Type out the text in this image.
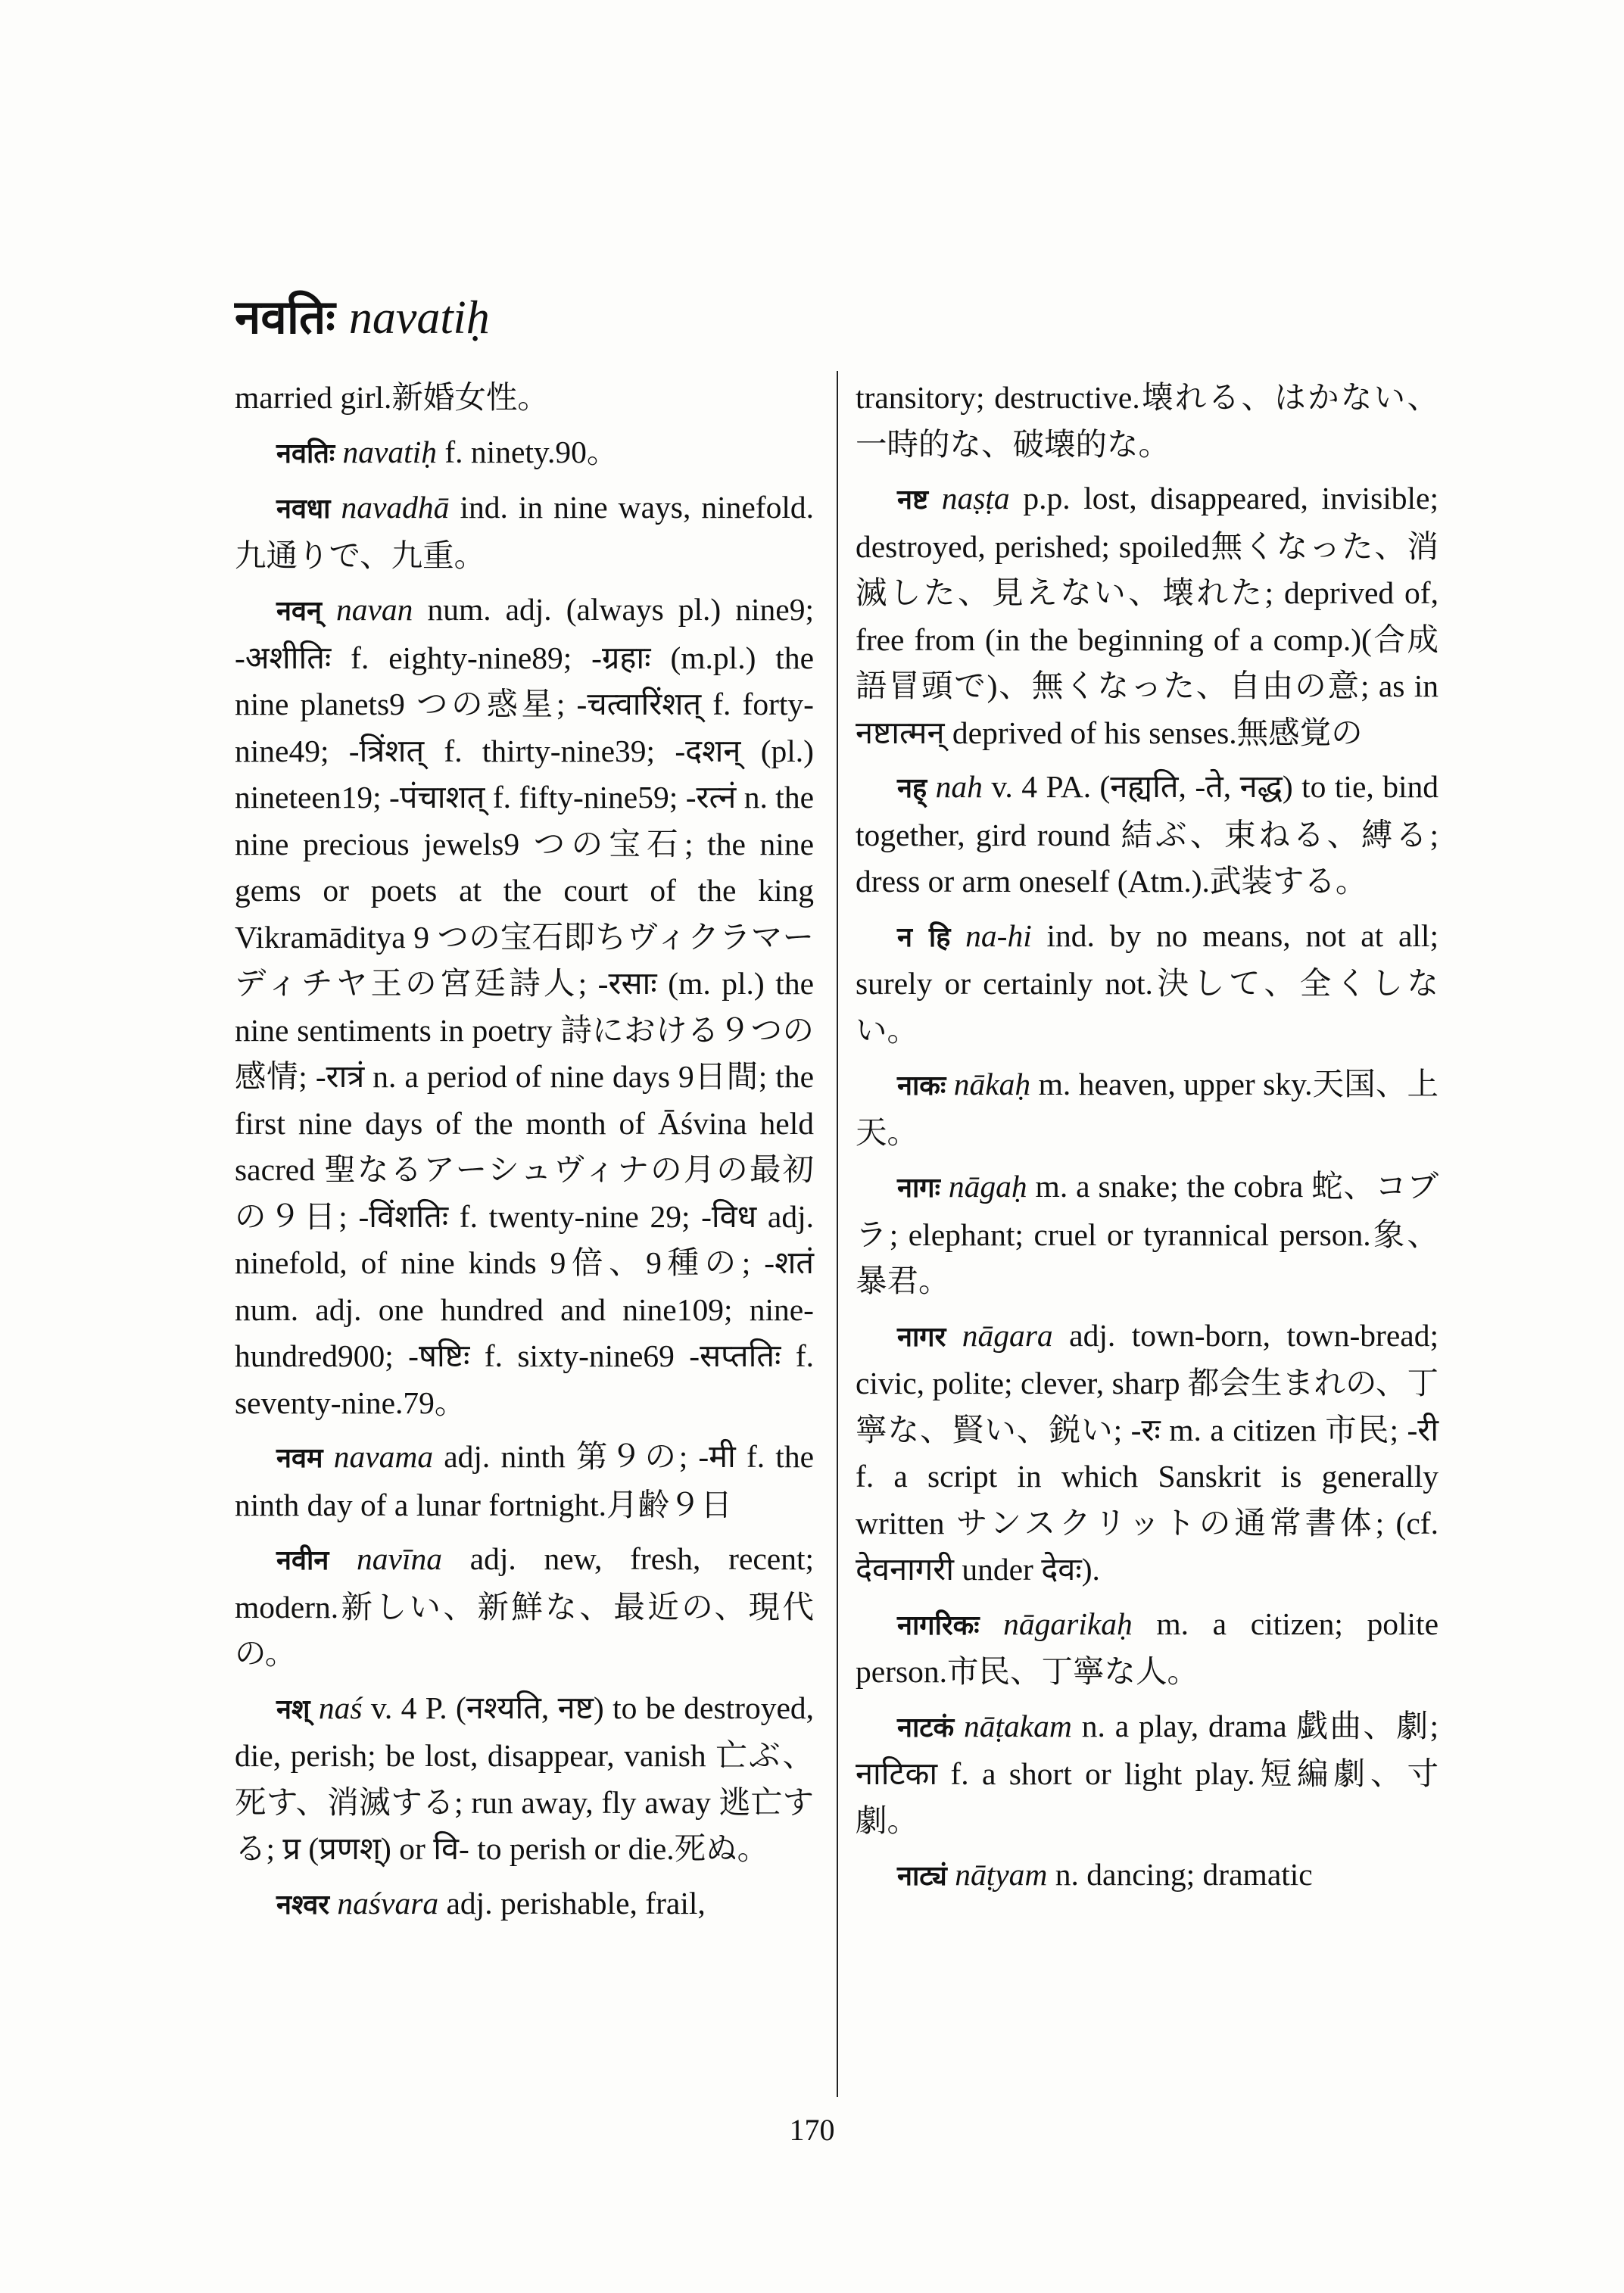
नवतिः navatiḥ

married girl.新婚女性。

नवतिः navatiḥ f. ninety.90。

नवधा navadhā ind. in nine ways, ninefold.九通りで、九重。

नवन् navan num. adj. (always pl.) nine9; -अशीतिः f. eighty-nine89; -ग्रहाः (m.pl.) the nine planets9 つの惑星; -चत्वारिंशत् f. forty-nine49; -त्रिंशत् f. thirty-nine39; -दशन् (pl.) nineteen19; -पंचाशत् f. fifty-nine59; -रत्नं n. the nine precious jewels9 つの宝石; the nine gems or poets at the court of the king Vikramāditya 9 つの宝石即ちヴィクラマーディチヤ王の宮廷詩人; -रसाः (m. pl.) the nine sentiments in poetry 詩における９つの感情; -रात्रं n. a period of nine days 9日間; the first nine days of the month of Āśvina held sacred 聖なるアーシュヴィナの月の最初の９日; -विंशतिः f. twenty-nine 29; -विध adj. ninefold, of nine kinds 9倍、9種の; -शतं num. adj. one hundred and nine109; nine-hundred900; -षष्टिः f. sixty-nine69 -सप्ततिः f. seventy-nine.79。

नवम navama adj. ninth 第９の; -मी f. the ninth day of a lunar fortnight.月齢９日

नवीन navīna adj. new, fresh, recent; modern.新しい、新鮮な、最近の、現代の。

नश् naś v. 4 P. (नश्यति, नष्ट) to be destroyed, die, perish; be lost, disappear, vanish 亡ぶ、死す、消滅する; run away, fly away 逃亡する; प्र (प्रणश्) or वि- to perish or die.死ぬ。

नश्वर naśvara adj. perishable, frail,

transitory; destructive.壊れる、はかない、一時的な、破壊的な。

नष्ट naṣṭa p.p. lost, disappeared, invisible; destroyed, perished; spoiled無くなった、消滅した、見えない、壊れた; deprived of, free from (in the beginning of a comp.)(合成語冒頭で)、無くなった、自由の意; as in नष्टात्मन् deprived of his senses.無感覚の

नह् nah v. 4 PA. (नह्यति, -ते, नद्ध) to tie, bind together, gird round 結ぶ、束ねる、縛る; dress or arm oneself (Atm.).武装する。

न हि na-hi ind. by no means, not at all; surely or certainly not.決して、全くしない。

नाकः nākaḥ m. heaven, upper sky.天国、上天。

नागः nāgaḥ m. a snake; the cobra 蛇、コブラ; elephant; cruel or tyrannical person.象、暴君。

नागर nāgara adj. town-born, town-bread; civic, polite; clever, sharp 都会生まれの、丁寧な、賢い、鋭い; -रः m. a citizen 市民; -री f. a script in which Sanskrit is generally written サンスクリットの通常書体; (cf. देवनागरी under देवः).

नागरिकः nāgarikaḥ m. a citizen; polite person.市民、丁寧な人。

नाटकं nāṭakam n. a play, drama 戯曲、劇; नाटिका f. a short or light play.短編劇、寸劇。

नाट्यं nāṭyam n. dancing; dramatic

170
